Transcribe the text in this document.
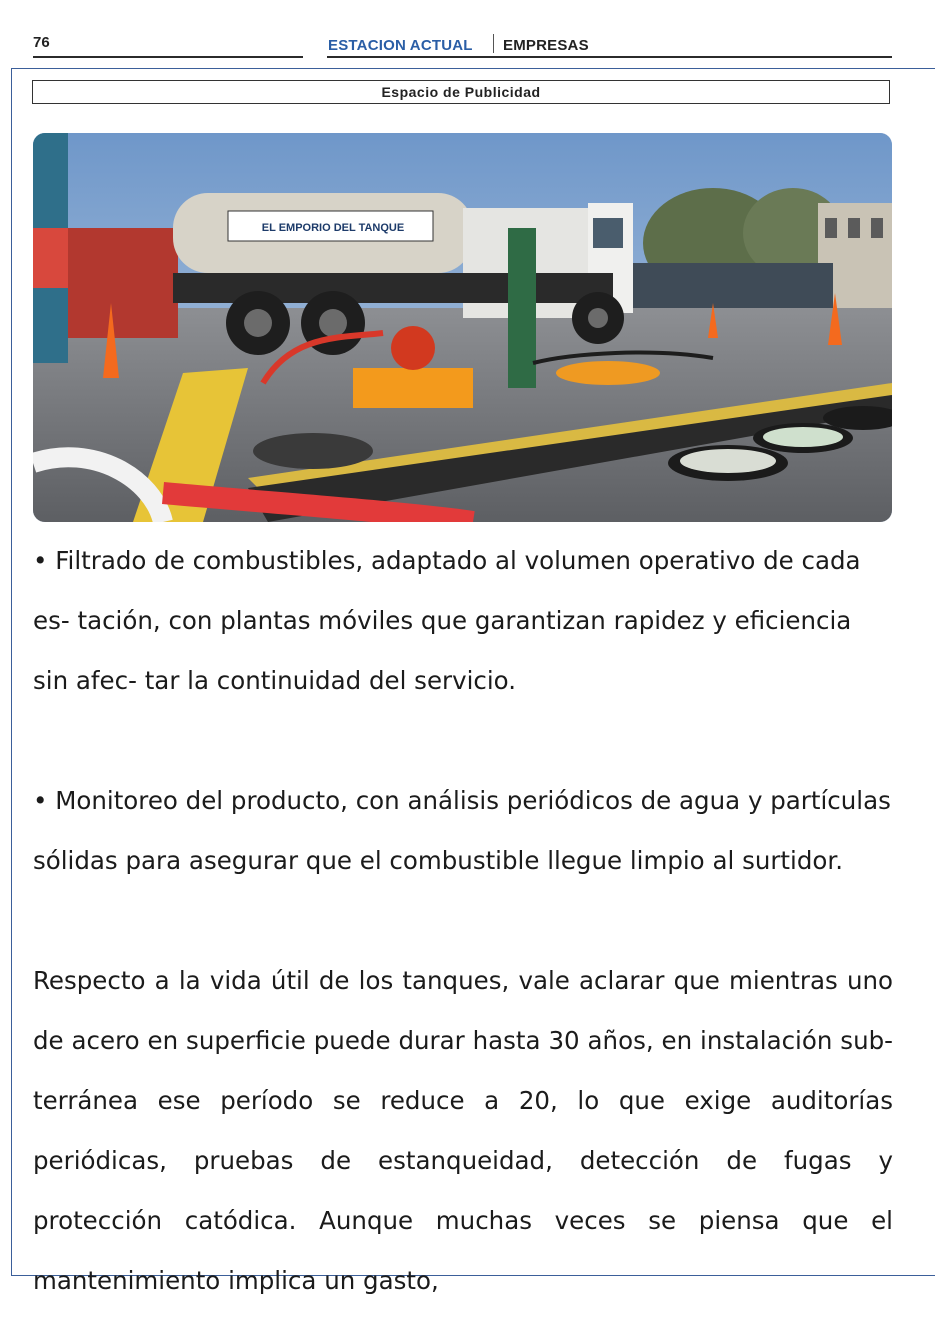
76	ESTACION ACTUAL EMPRESAS
Espacio de Publicidad
EL EMPORIO DEL TANQUE

• Filtrado de combustibles, adaptado al volumen operativo de cada es- tación, con plantas móviles que garantizan rapidez y eficiencia sin afec- tar la continuidad del servicio.

• Monitoreo del producto, con análisis periódicos de agua y partículas sólidas para asegurar que el combustible llegue limpio al surtidor.

Respecto a la vida útil de los tanques, vale aclarar que mientras uno de acero en superficie puede durar hasta 30 años, en instalación sub- terránea ese período se reduce a 20, lo que exige auditorías periódicas, pruebas de estanqueidad, detección de fugas y protección catódica. Aunque muchas veces se piensa que el mantenimiento implica un gasto,
